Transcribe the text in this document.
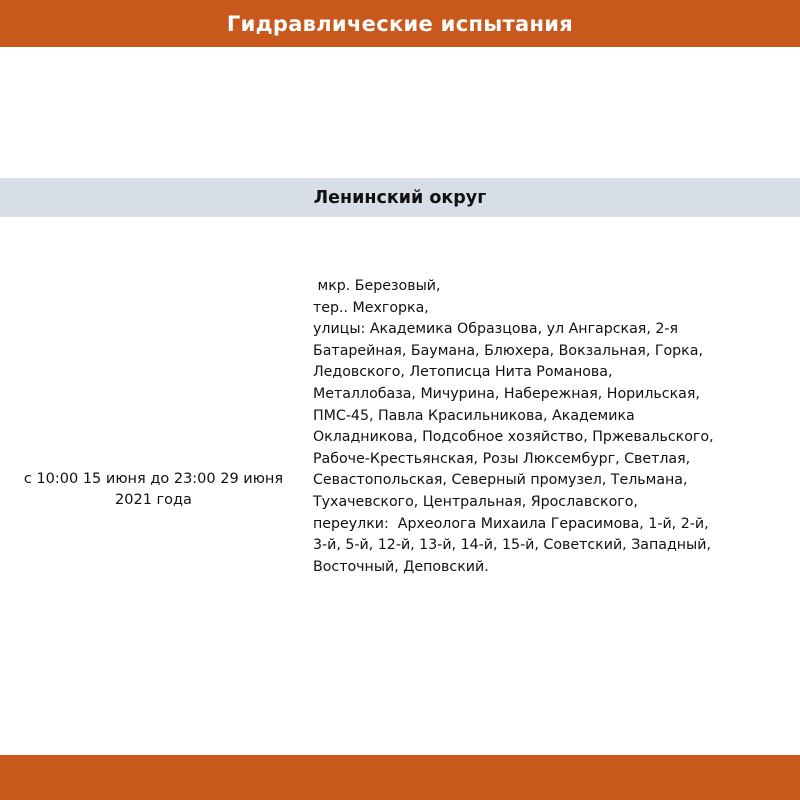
Гидравлические испытания
Ленинский округ
с 10:00 15 июня до 23:00 29 июня
2021 года
мкр. Березовый,
тер.. Мехгорка,
улицы: Академика Образцова, ул Ангарская, 2-я
Батарейная, Баумана, Блюхера, Вокзальная, Горка,
Ледовского, Летописца Нита Романова,
Металлобаза, Мичурина, Набережная, Норильская,
ПМС-45, Павла Красильникова, Академика
Окладникова, Подсобное хозяйство, Пржевальского,
Рабоче-Крестьянская, Розы Люксембург, Светлая,
Севастопольская, Северный промузел, Тельмана,
Тухачевского, Центральная, Ярославского,
переулки:  Археолога Михаила Герасимова, 1-й, 2-й,
3-й, 5-й, 12-й, 13-й, 14-й, 15-й, Советский, Западный,
Восточный, Деповский.
